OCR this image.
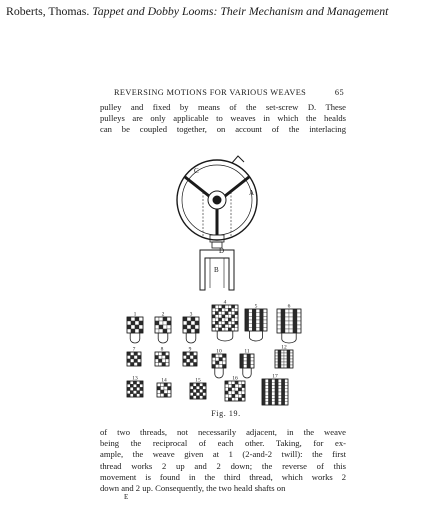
Roberts, Thomas. Tappet and Dobby Looms: Their Mechanism and Management
REVERSING MOTIONS FOR VARIOUS WEAVES	65
pulley and fixed by means of the set-screw D. These
pulleys are only applicable to weaves in which the healds
can be coupled together, on account of the interlacing
C
A
D
B
1	2	3
4
5	6
7	8	9	10	11
12
13	14	15	16	17
Fig. 19.
of two threads, not necessarily adjacent, in the weave
being the reciprocal of each other. Taking, for ex-
ample, the weave given at 1 (2-and-2 twill): the first
thread works 2 up and 2 down; the reverse of this
movement is found in the third thread, which works 2
down and 2 up. Consequently, the two heald shafts on
E
